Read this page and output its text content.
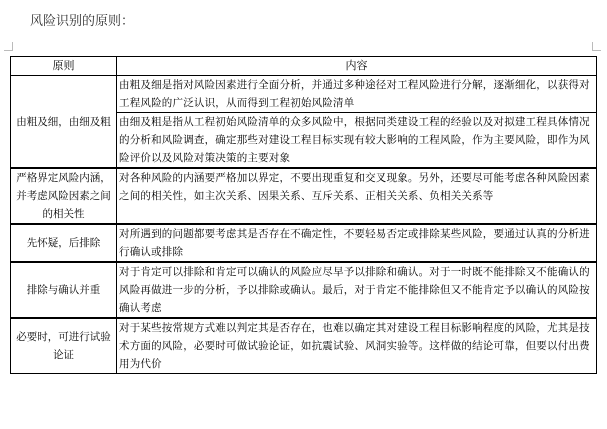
风险识别的原则：
原则	内容
由粗及细，由细及粗	由粗及细是指对风险因素进行全面分析，并通过多种途径对工程风险进行分解，逐渐细化，以获得对工程风险的广泛认识，从而得到工程初始风险清单
由细及粗是指从工程初始风险清单的众多风险中，根据同类建设工程的经验以及对拟建工程具体情况的分析和风险调查，确定那些对建设工程目标实现有较大影响的工程风险，作为主要风险，即作为风险评价以及风险对策决策的主要对象

严格界定风险内涵，并考虑风险因素之间的相关性	对各种风险的内涵要严格加以界定，不要出现重复和交叉现象。另外，还要尽可能考虑各种风险因素之间的相关性，如主次关系、因果关系、互斥关系、正相关关系、负相关关系等
先怀疑，后排除	对所遇到的问题都要考虑其是否存在不确定性，不要轻易否定或排除某些风险，要通过认真的分析进行确认或排除
排除与确认并重	对于肯定可以排除和肯定可以确认的风险应尽早予以排除和确认。对于一时既不能排除又不能确认的风险再做进一步的分析，予以排除或确认。最后，对于肯定不能排除但又不能肯定予以确认的风险按确认考虑
必要时，可进行试验论证	对于某些按常规方式难以判定其是否存在，也难以确定其对建设工程目标影响程度的风险，尤其是技术方面的风险，必要时可做试验论证，如抗震试验、风洞实验等。这样做的结论可靠，但要以付出费用为代价
